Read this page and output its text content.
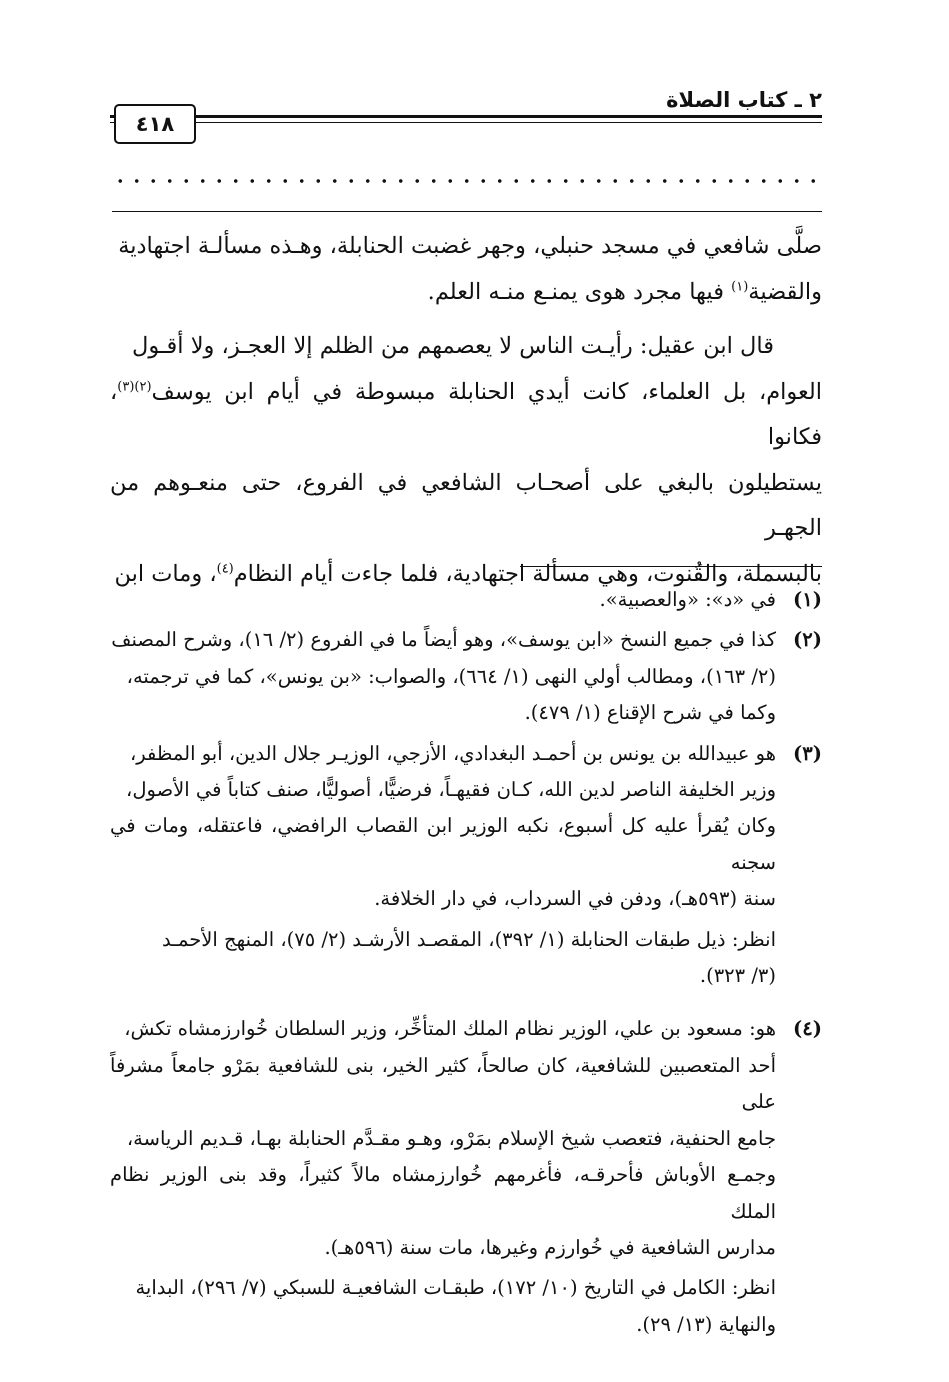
٢ ـ كتاب الصلاة
٤١٨

صلَّى شافعي في مسجد حنبلي، وجهر غضبت الحنابلة، وهـذه مسألـة اجتهادية
والقضية$^{(١)}$ فيها مجرد هوى يمنـع منـه العلم.

قال ابن عقيل: رأيـت الناس لا يعصمهم من الظلم إلا العجـز، ولا أقـول
العوام، بل العلماء، كانت أيدي الحنابلة مبسوطة في أيام ابن يوسف$^{(٢)(٣)}$، فكانوا
يستطيلون بالبغي على أصحـاب الشافعي في الفروع، حتى منعـوهم من الجهـر
بالبسملة، والقُنوت، وهي مسألة اجتهادية، فلما جاءت أيام النظام$^{(٤)}$، ومات ابن

(١)

في «د»: «والعصبية».

(٢)

كذا في جميع النسخ «ابن يوسف»، وهو أيضاً ما في الفروع (٢/ ١٦)، وشرح المصنف
(٢/ ١٦٣)، ومطالب أولي النهى (١/ ٦٦٤)، والصواب: «بن يونس»، كما في ترجمته،
وكما في شرح الإقناع (١/ ٤٧٩).

(٣)

هو عبيدالله بن يونس بن أحمـد البغدادي، الأزجي، الوزيـر جلال الدين، أبو المظفر،
وزير الخليفة الناصر لدين الله، كـان فقيهـاً، فرضيًّا، أصوليًّا، صنف كتاباً في الأصول،
وكان يُقرأ عليه كل أسبوع، نكبه الوزير ابن القصاب الرافضي، فاعتقله، ومات في سجنه
سنة (٥٩٣هـ)، ودفن في السرداب، في دار الخلافة.

انظر: ذيل طبقات الحنابلة (١/ ٣٩٢)، المقصـد الأرشـد (٢/ ٧٥)، المنهج الأحمـد
(٣/ ٣٢٣).

(٤)

هو: مسعود بن علي، الوزير نظام الملك المتأخِّر، وزير السلطان خُوارزمشاه تكش،
أحد المتعصبين للشافعية، كان صالحاً، كثير الخير، بنى للشافعية بمَرْو جامعاً مشرفاً على
جامع الحنفية، فتعصب شيخ الإسلام بمَرْو، وهـو مقـدَّم الحنابلة بهـا، قـديم الرياسة،
وجمـع الأوباش فأحرقـه، فأغرمهم خُوارزمشاه مالاً كثيراً، وقد بنى الوزير نظام الملك
مدارس الشافعية في خُوارزم وغيرها، مات سنة (٥٩٦هـ).

انظر: الكامل في التاريخ (١٠/ ١٧٢)، طبقـات الشافعيـة للسبكي (٧/ ٢٩٦)، البداية
والنهاية (١٣/ ٢٩).
